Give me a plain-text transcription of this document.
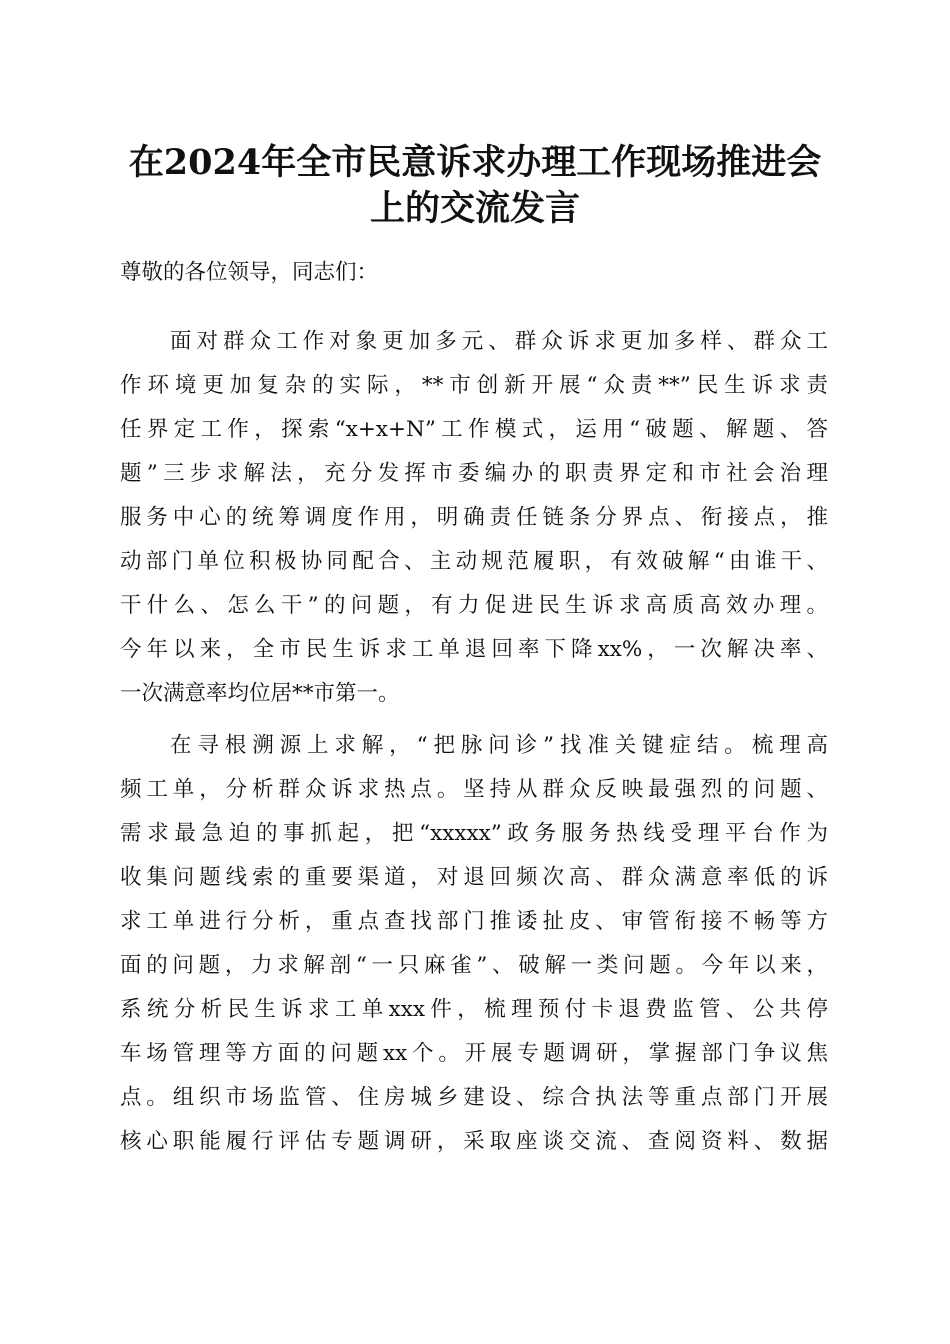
在2024年全市民意诉求办理工作现场推进会
上的交流发言
尊敬的各位领导，同志们：
面对群众工作对象更加多元、群众诉求更加多样、群众工
作环境更加复杂的实际，**市创新开展“众责**”民生诉求责
任界定工作，探索“x+x+N”工作模式，运用“破题、解题、答
题”三步求解法，充分发挥市委编办的职责界定和市社会治理
服务中心的统筹调度作用，明确责任链条分界点、衔接点，推
动部门单位积极协同配合、主动规范履职，有效破解“由谁干、
干什么、怎么干”的问题，有力促进民生诉求高质高效办理。
今年以来，全市民生诉求工单退回率下降xx%，一次解决率、
一次满意率均位居**市第一。
在寻根溯源上求解，“把脉问诊”找准关键症结。梳理高
频工单，分析群众诉求热点。坚持从群众反映最强烈的问题、
需求最急迫的事抓起，把“xxxxx”政务服务热线受理平台作为
收集问题线索的重要渠道，对退回频次高、群众满意率低的诉
求工单进行分析，重点查找部门推诿扯皮、审管衔接不畅等方
面的问题，力求解剖“一只麻雀”、破解一类问题。今年以来，
系统分析民生诉求工单xxx件，梳理预付卡退费监管、公共停
车场管理等方面的问题xx个。开展专题调研，掌握部门争议焦
点。组织市场监管、住房城乡建设、综合执法等重点部门开展
核心职能履行评估专题调研，采取座谈交流、查阅资料、数据
